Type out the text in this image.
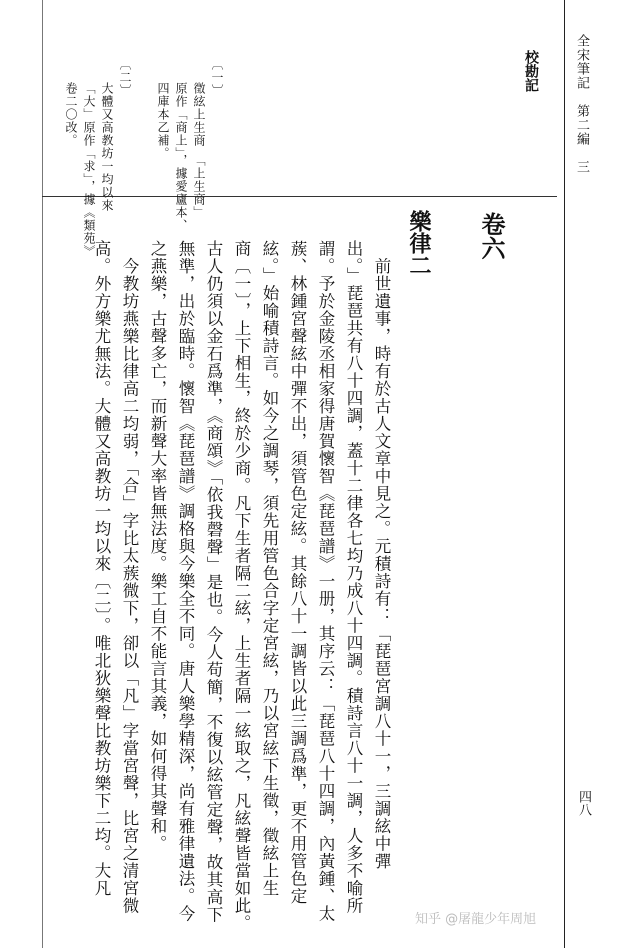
全宋筆記　第二編　三
四八
校勘記
〔一〕
徵絃上生商　「上生商」
原作「商上」，據愛廬本、
四庫本乙補。
〔二〕
大體又高教坊一均以來
「大」原作「求」，據《類苑》
卷二〇改。
卷六
樂律二
　前世遺事，時有於古人文章中見之。元積詩有：「琵琶宮調八十一，三調絃中彈
出。」琵琶共有八十四調，蓋十二律各七均乃成八十四調。積詩言八十一調，人多不喻所
謂。予於金陵丞相家得唐賀懷智《琵琶譜》一册，其序云：「琵琶八十四調，內黃鍾、太
蔟、林鍾宮聲絃中彈不出，須管色定絃。其餘八十一調皆以此三調爲準，更不用管色定
絃。」始喻積詩言。如今之調琴，須先用管色合字定宮絃，乃以宮絃下生徵，徵絃上生
商〔一〕，上下相生，終於少商。凡下生者隔二絃，上生者隔一絃取之，凡絃聲皆當如此。
古人仍須以金石爲準，《商頌》「依我磬聲」是也。今人苟簡，不復以絃管定聲，故其高下
無準，出於臨時。懷智《琵琶譜》調格與今樂全不同。唐人樂學精深，尚有雅律遺法。今
之燕樂，古聲多亡，而新聲大率皆無法度。樂工自不能言其義，如何得其聲和。
　今教坊燕樂比律高二均弱，「合」字比太蔟微下，卻以「凡」字當宮聲，比宮之清宮微
高。外方樂尤無法。大體又高教坊一均以來〔二〕。唯北狄樂聲比教坊樂下二均。大凡
知乎 @屠龍少年周旭
